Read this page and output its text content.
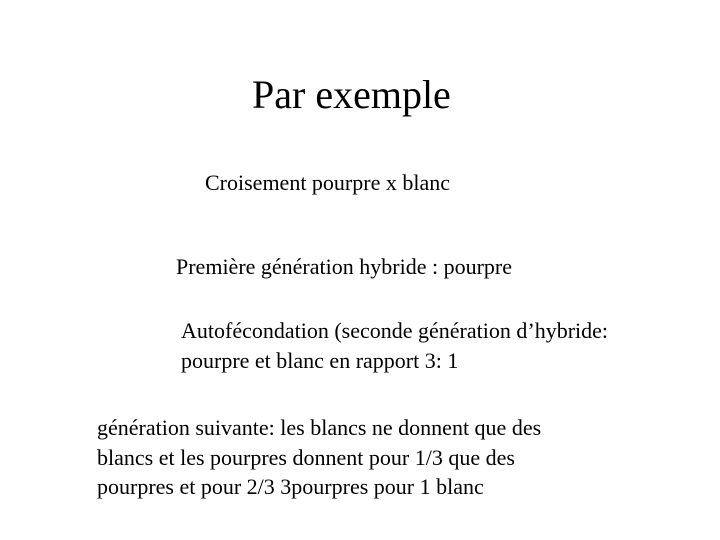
Par exemple
Croisement pourpre x blanc
Première génération hybride : pourpre
Autofécondation (seconde génération d’hybride:
pourpre et blanc en rapport 3: 1
génération suivante: les blancs ne donnent que des
blancs et les pourpres donnent pour 1/3 que des
pourpres et pour 2/3 3pourpres pour 1 blanc
